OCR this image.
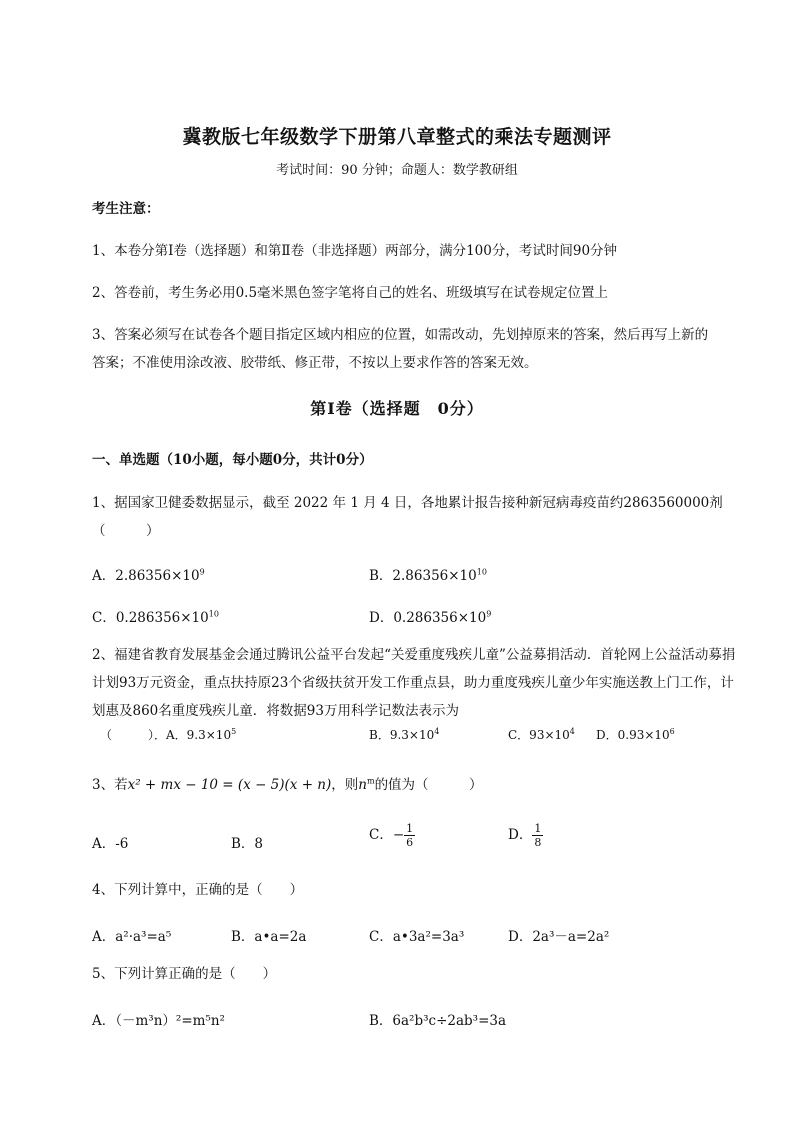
冀教版七年级数学下册第八章整式的乘法专题测评
考试时间：90 分钟；命题人：数学教研组
考生注意：
1、本卷分第Ⅰ卷（选择题）和第Ⅱ卷（非选择题）两部分，满分100分，考试时间90分钟
2、答卷前，考生务必用0.5毫米黑色签字笔将自己的姓名、班级填写在试卷规定位置上
3、答案必须写在试卷各个题目指定区域内相应的位置，如需改动，先划掉原来的答案，然后再写上新的答案；不准使用涂改液、胶带纸、修正带，不按以上要求作答的答案无效。
第Ⅰ卷（选择题　0分）
一、单选题（10小题，每小题0分，共计0分）
1、据国家卫健委数据显示，截至 2022 年 1 月 4 日，各地累计报告接种新冠病毒疫苗约2863560000剂（　　　）
A．$2.86356\times 10^9$	B．$2.86356\times 10^{10}$
C．$0.286356\times 10^{10}$	D．$0.286356\times 10^9$
2、福建省教育发展基金会通过腾讯公益平台发起“关爱重度残疾儿童”公益募捐活动．首轮网上公益活动募捐计划93万元资金，重点扶持原23个省级扶贫开发工作重点县，助力重度残疾儿童少年实施送教上门工作，计划惠及860名重度残疾儿童．将数据93万用科学记数法表示为
（　　　）．A．$9.3\times 10^5$	B．$9.3\times 10^4$	C．$93\times 10^4$ D．$0.93\times 10^6$
3、若x² + mx − 10 = (x − 5)(x + n)，则$n^m$的值为（　　　）
A．-6	B．8
C．− $\frac{1}{6}$	D． $\frac{1}{8}$
4、下列计算中，正确的是（　　）
A．a²·a³=a⁵	B．a•a=2a	C．a•3a²=3a³	D．2a³－a=2a²
5、下列计算正确的是（　　）
A．（－m³n）²=m⁵n²	B．6a²b³c÷2ab³=3a
